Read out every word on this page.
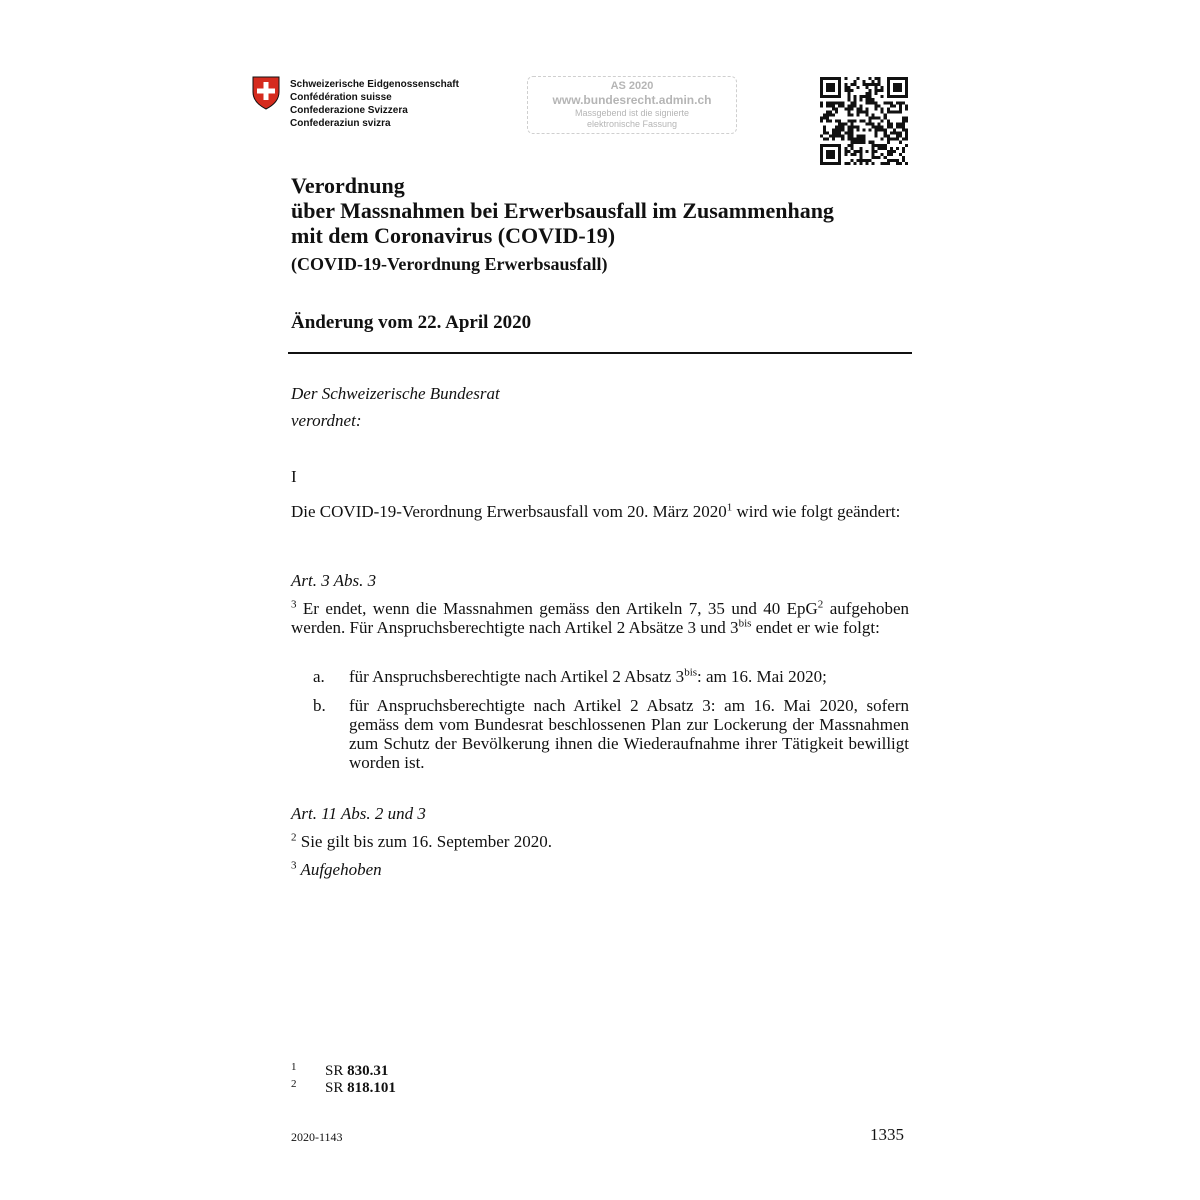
Schweizerische Eidgenossenschaft
Confédération suisse
Confederazione Svizzera
Confederaziun svizra
AS 2020
www.bundesrecht.admin.ch
Massgebend ist die signierte
elektronische Fassung
Verordnung
über Massnahmen bei Erwerbsausfall im Zusammenhang
mit dem Coronavirus (COVID-19)
(COVID-19-Verordnung Erwerbsausfall)
Änderung vom 22. April 2020
Der Schweizerische Bundesrat
verordnet:
I
Die COVID-19-Verordnung Erwerbsausfall vom 20. März 2020$^1$ wird wie folgt geändert:
Art. 3 Abs. 3
$^3$ Er endet, wenn die Massnahmen gemäss den Artikeln 7, 35 und 40 EpG$^2$ aufgehoben werden. Für Anspruchsberechtigte nach Artikel 2 Absätze 3 und $3^{bis}$ endet er wie folgt:
a. für Anspruchsberechtigte nach Artikel 2 Absatz $3^{bis}$: am 16. Mai 2020;
b. für Anspruchsberechtigte nach Artikel 2 Absatz 3: am 16. Mai 2020, sofern gemäss dem vom Bundesrat beschlossenen Plan zur Lockerung der Massnahmen zum Schutz der Bevölkerung ihnen die Wiederaufnahme ihrer Tätigkeit bewilligt worden ist.
Art. 11 Abs. 2 und 3
$^2$ Sie gilt bis zum 16. September 2020.
$^3$ Aufgehoben
1 SR 830.31
2 SR 818.101
2020-1143	1335
